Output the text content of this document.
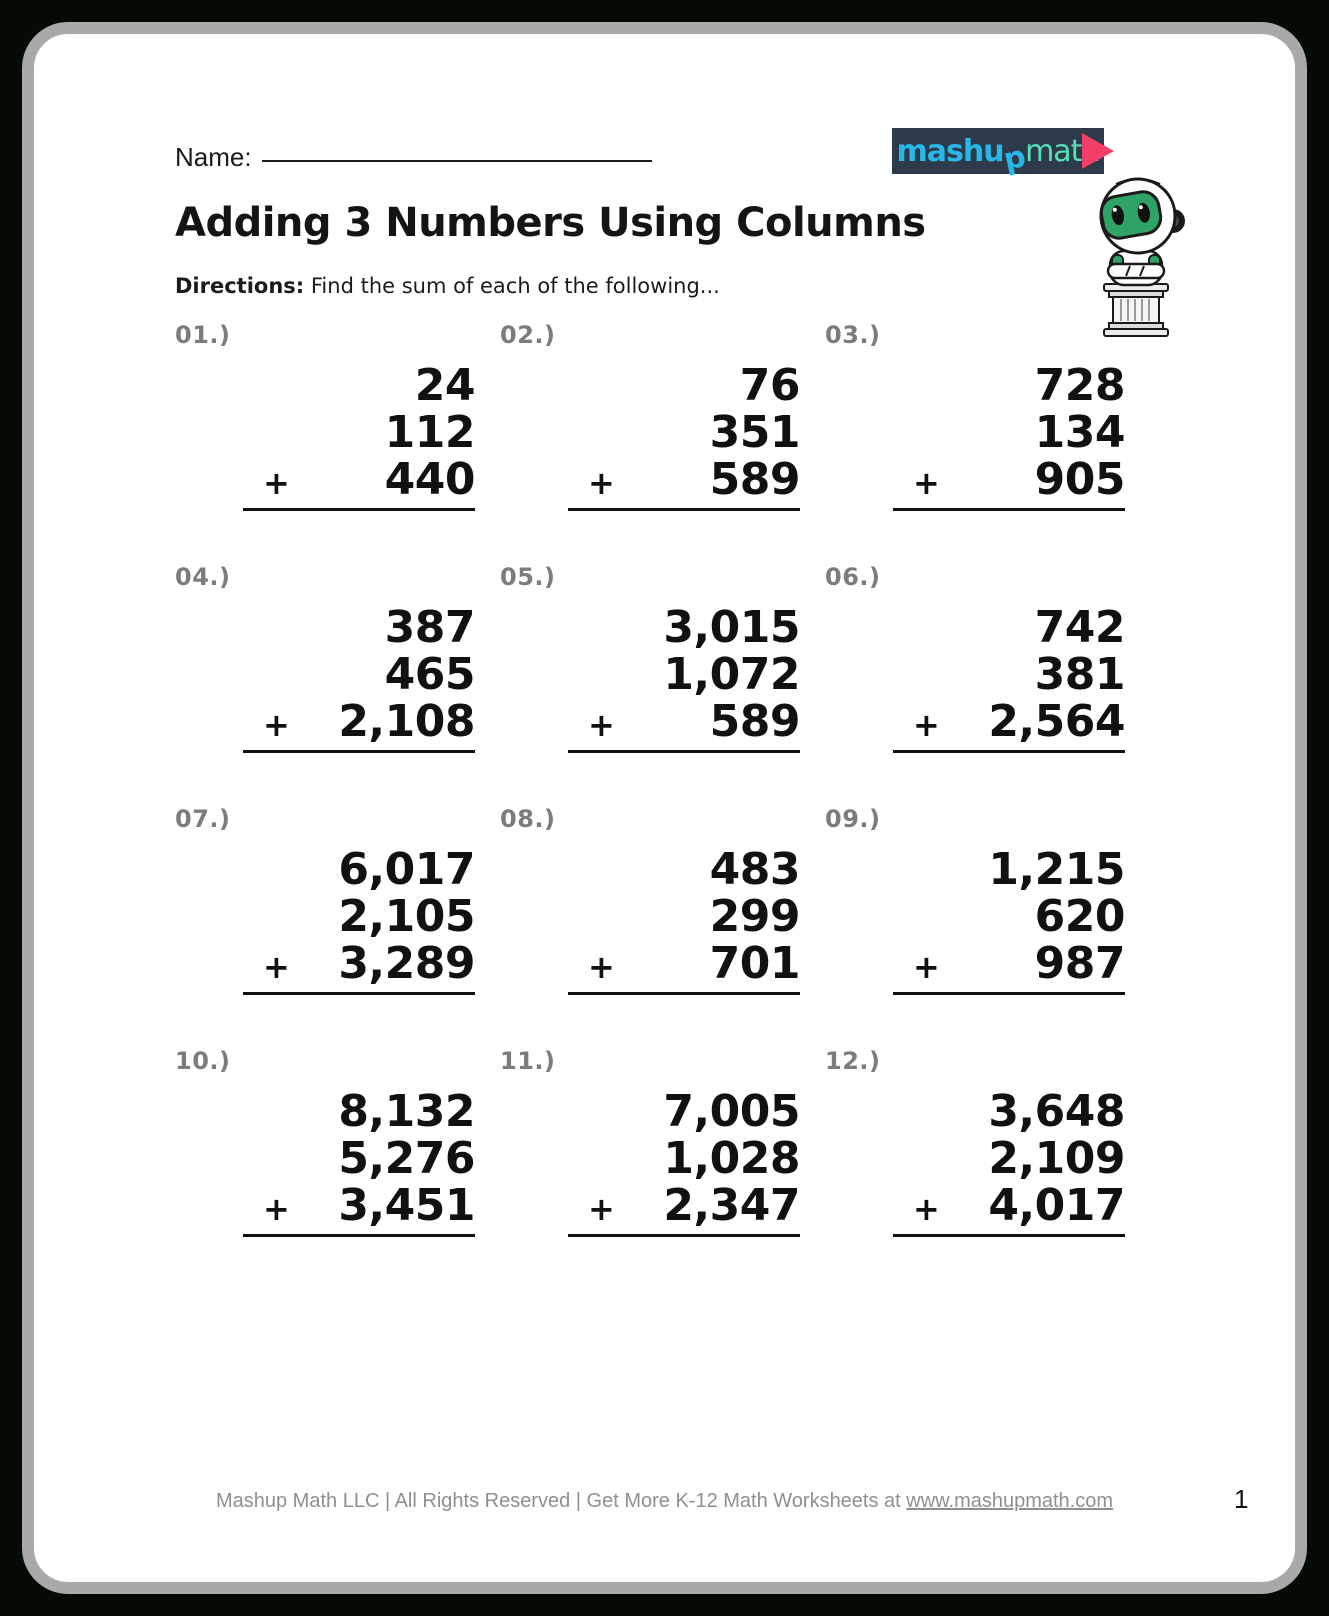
Name:	mashu
p
math
Adding 3 Numbers Using Columns
Directions: Find the sum of each of the following...
01.)
24
112
+ 440
02.)
76
351
+ 589
03.)
728
134
+ 905
04.)
387
465
+ 2,108
05.)
3,015
1,072
+ 589
06.)
742
381
+ 2,564
07.)
6,017
2,105
+ 3,289
08.)
483
299
+ 701
09.)
1,215
620
+ 987
10.)
8,132
5,276
+ 3,451
11.)
7,005
1,028
+ 2,347
12.)
3,648
2,109
+ 4,017
Mashup Math LLC | All Rights Reserved | Get More K-12 Math Worksheets at www.mashupmath.com	1
